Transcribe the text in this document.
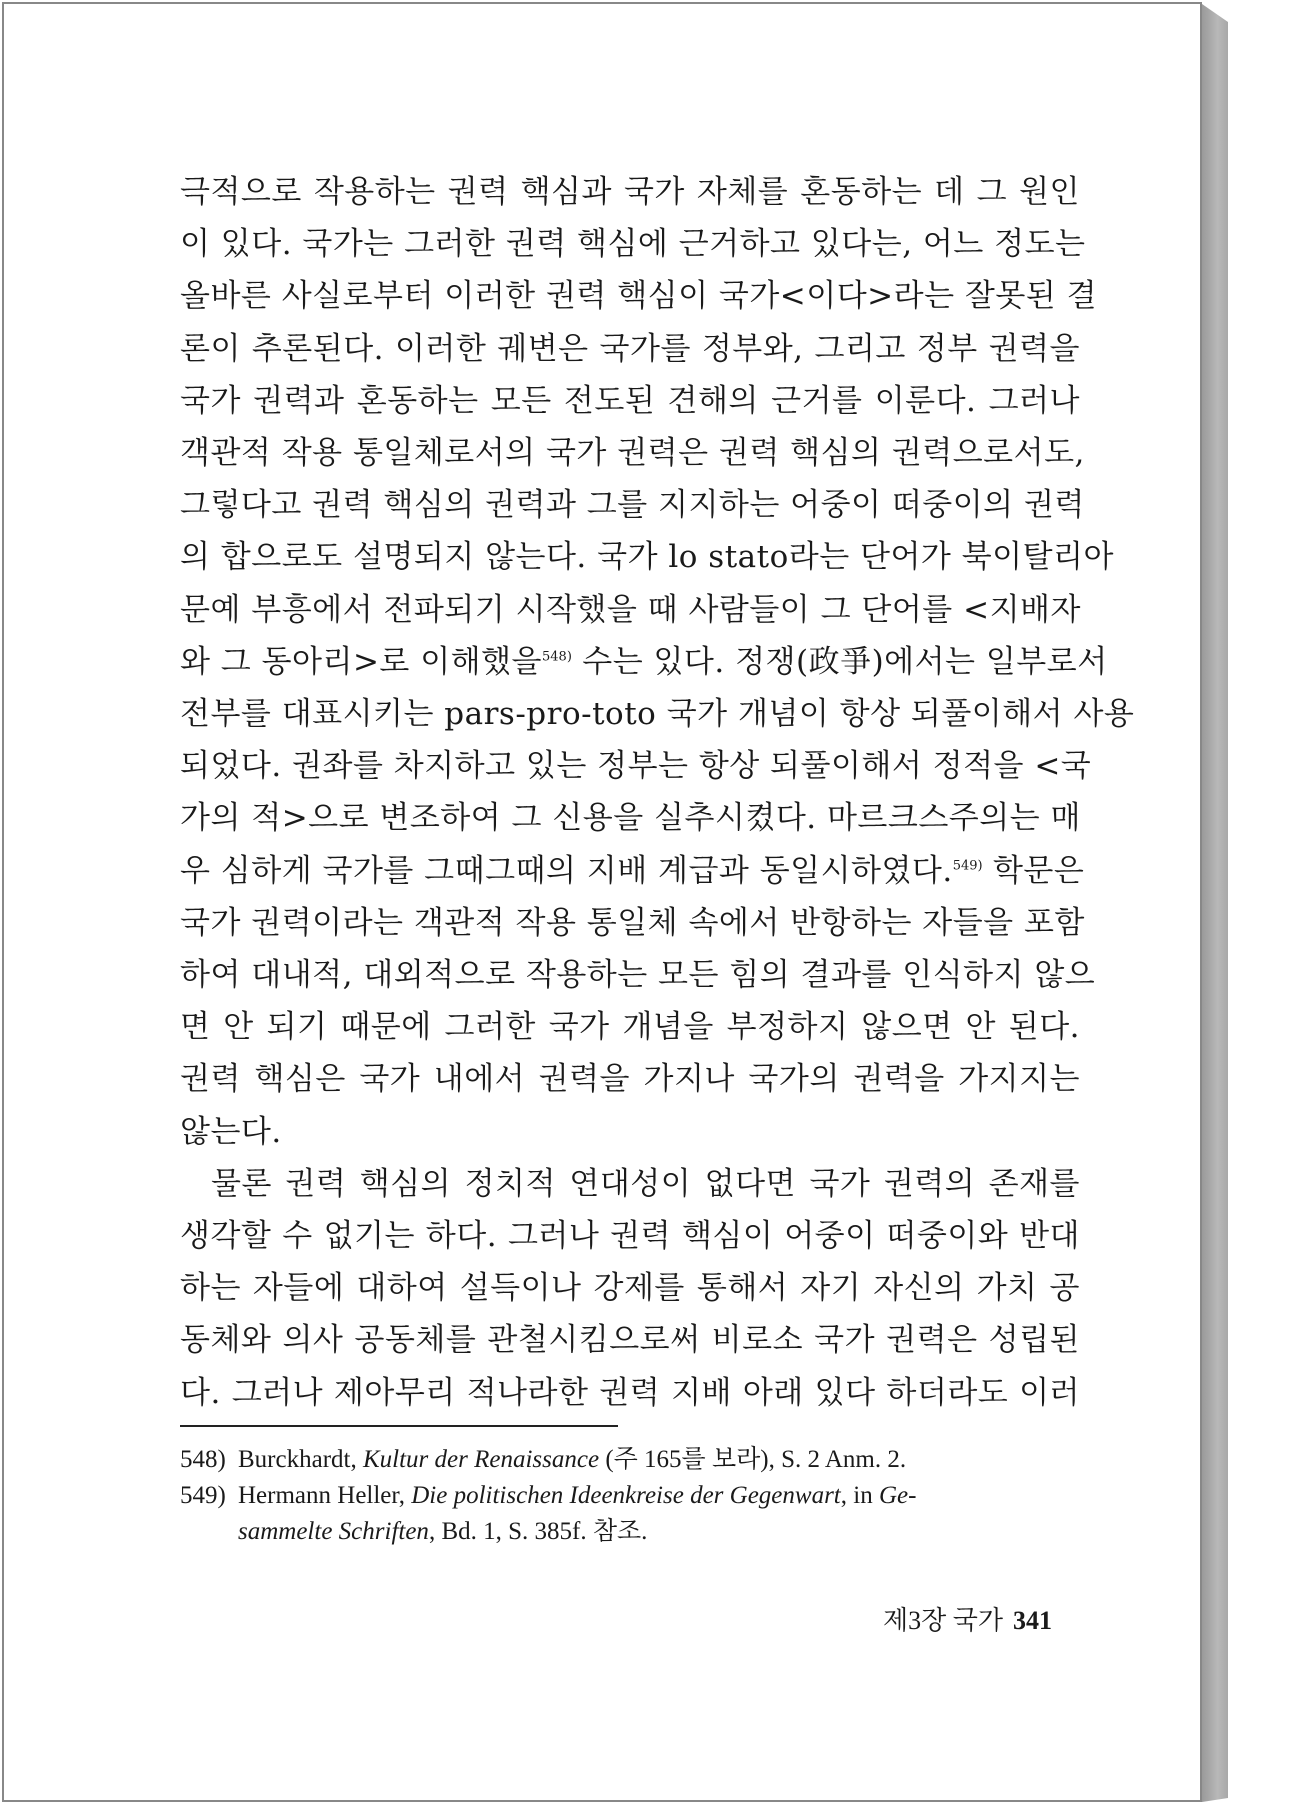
극적으로 작용하는 권력 핵심과 국가 자체를 혼동하는 데 그 원인
이 있다. 국가는 그러한 권력 핵심에 근거하고 있다는, 어느 정도는
올바른 사실로부터 이러한 권력 핵심이 국가<이다>라는 잘못된 결
론이 추론된다. 이러한 궤변은 국가를 정부와, 그리고 정부 권력을
국가 권력과 혼동하는 모든 전도된 견해의 근거를 이룬다. 그러나
객관적 작용 통일체로서의 국가 권력은 권력 핵심의 권력으로서도,
그렇다고 권력 핵심의 권력과 그를 지지하는 어중이 떠중이의 권력
의 합으로도 설명되지 않는다. 국가 lo stato라는 단어가 북이탈리아
문예 부흥에서 전파되기 시작했을 때 사람들이 그 단어를 <지배자
와 그 동아리>로 이해했을$^{548)}$ 수는 있다. 정쟁(政爭)에서는 일부로서
전부를 대표시키는 pars-pro-toto 국가 개념이 항상 되풀이해서 사용
되었다. 권좌를 차지하고 있는 정부는 항상 되풀이해서 정적을 <국
가의 적>으로 변조하여 그 신용을 실추시켰다. 마르크스주의는 매
우 심하게 국가를 그때그때의 지배 계급과 동일시하였다.$^{549)}$ 학문은
국가 권력이라는 객관적 작용 통일체 속에서 반항하는 자들을 포함
하여 대내적, 대외적으로 작용하는 모든 힘의 결과를 인식하지 않으
면 안 되기 때문에 그러한 국가 개념을 부정하지 않으면 안 된다.
권력 핵심은 국가 내에서 권력을 가지나 국가의 권력을 가지지는
않는다.

물론 권력 핵심의 정치적 연대성이 없다면 국가 권력의 존재를
생각할 수 없기는 하다. 그러나 권력 핵심이 어중이 떠중이와 반대
하는 자들에 대하여 설득이나 강제를 통해서 자기 자신의 가치 공
동체와 의사 공동체를 관철시킴으로써 비로소 국가 권력은 성립된
다. 그러나 제아무리 적나라한 권력 지배 아래 있다 하더라도 이러

548) Burckhardt, Kultur der Renaissance (주 165를 보라), S. 2 Anm. 2.
549) Hermann Heller, Die politischen Ideenkreise der Gegenwart, in Ge-
sammelte Schriften, Bd. 1, S. 385f. 참조.
제3장 국가 341
